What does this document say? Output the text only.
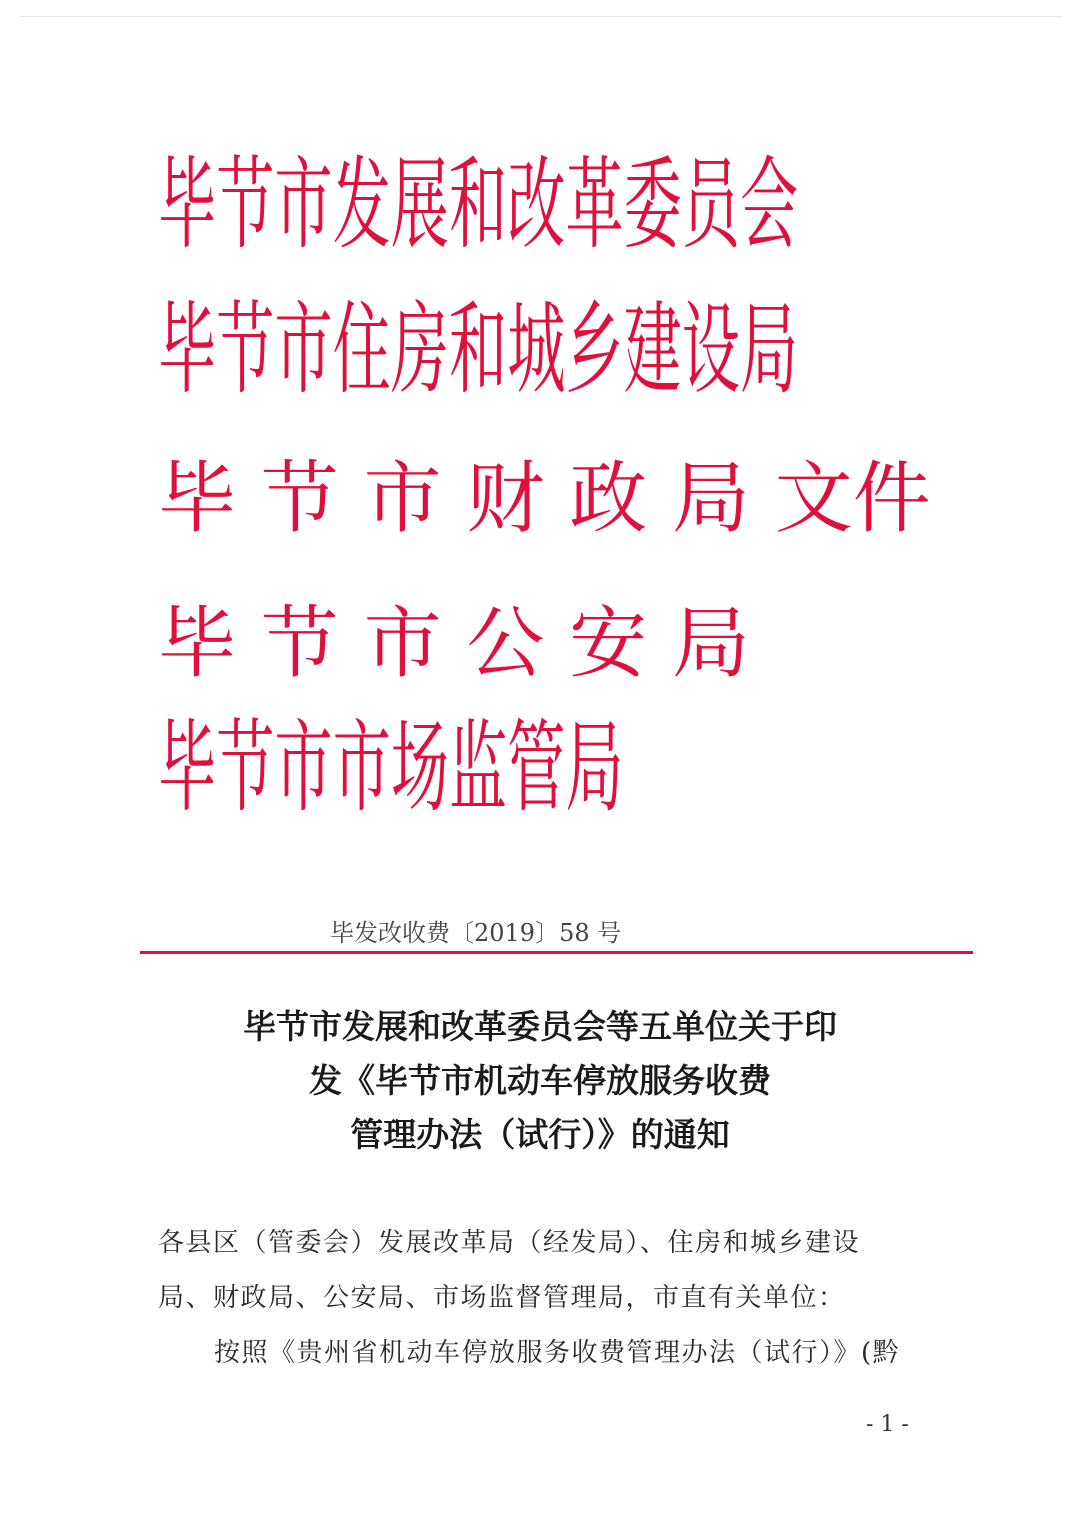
毕节市发展和改革委员会
毕节市住房和城乡建设局
毕 节 市 财 政 局 文件
毕 节 市 公 安 局
毕节市市场监管局
毕发改收费〔2019〕58 号
毕节市发展和改革委员会等五单位关于印
发《毕节市机动车停放服务收费
管理办法（试行）》的通知
各县区（管委会）发展改革局（经发局）、住房和城乡建设
局、财政局、公安局、市场监督管理局，市直有关单位：
按照《贵州省机动车停放服务收费管理办法（试行）》(黔
- 1 -
